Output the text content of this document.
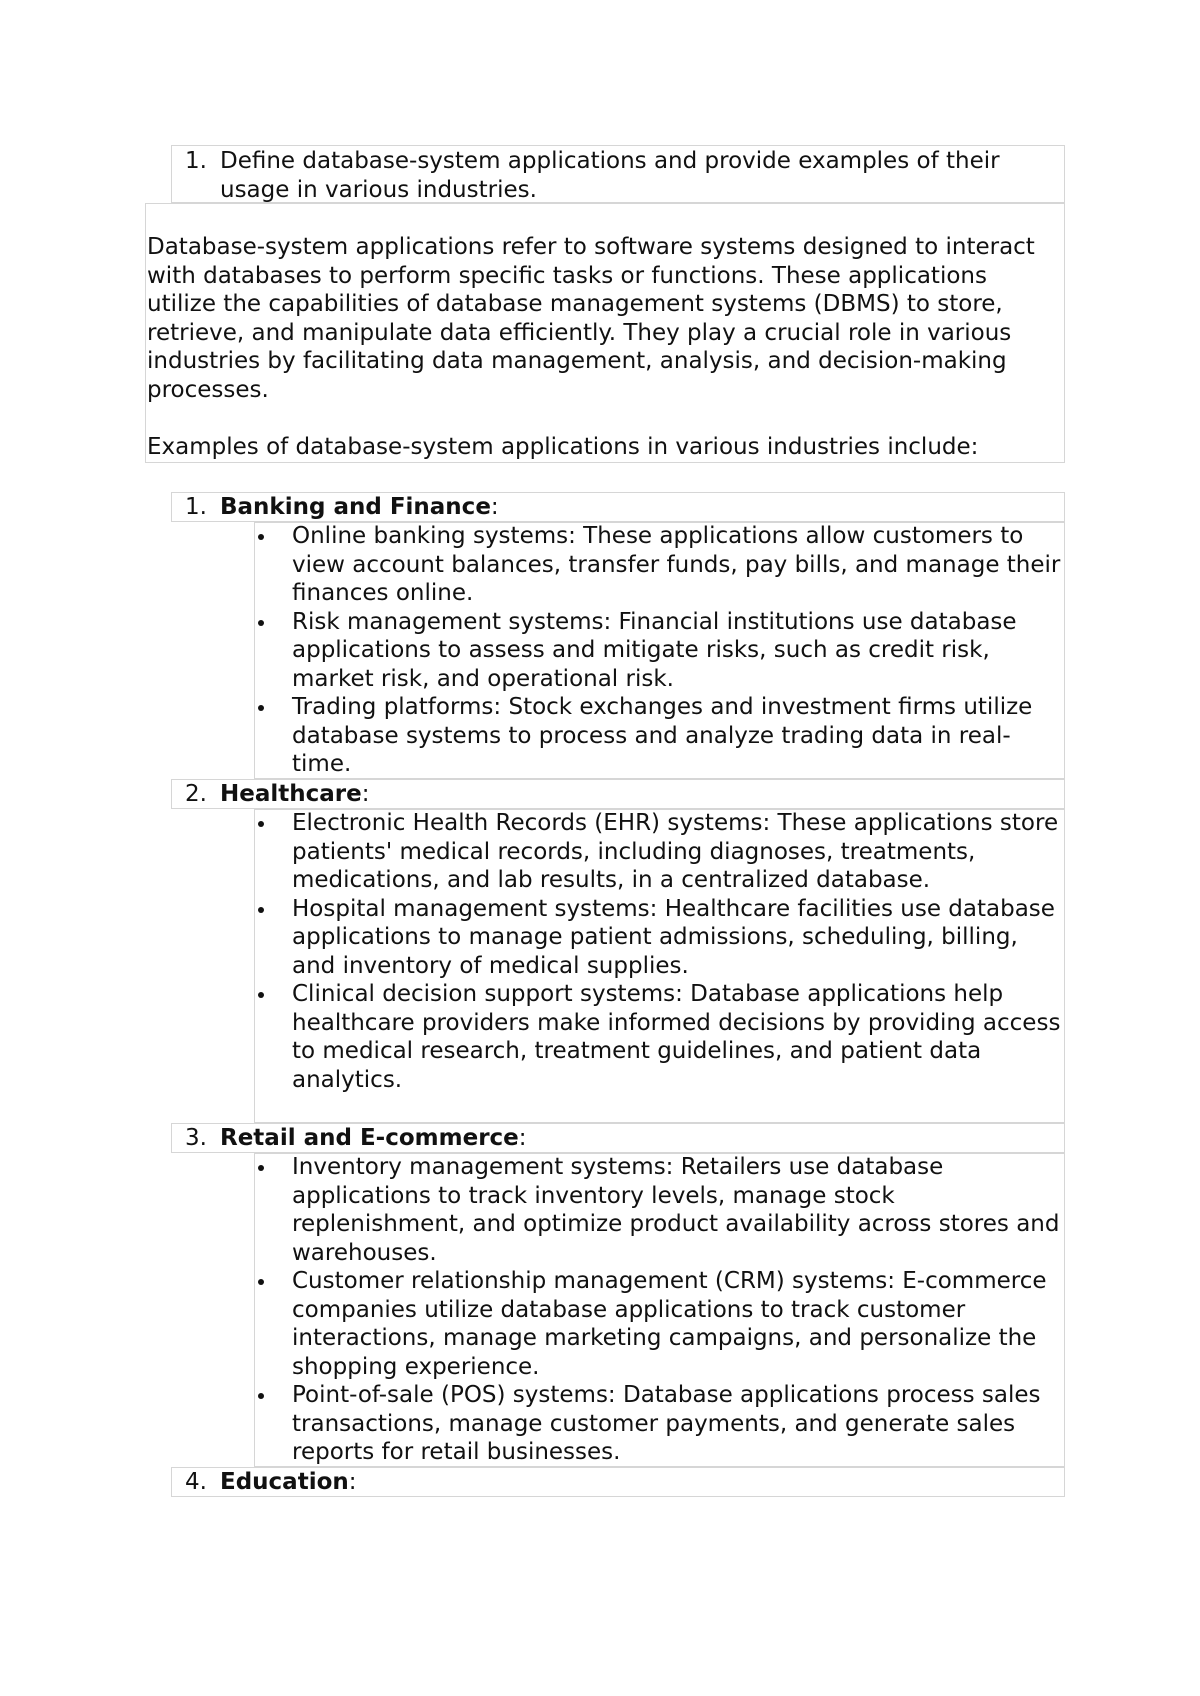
1. Define database-system applications and provide examples of their usage in various industries.

Database-system applications refer to software systems designed to interact with databases to perform specific tasks or functions. These applications utilize the capabilities of database management systems (DBMS) to store, retrieve, and manipulate data efficiently. They play a crucial role in various industries by facilitating data management, analysis, and decision-making processes.

Examples of database-system applications in various industries include:

1. Banking and Finance:
Online banking systems: These applications allow customers to view account balances, transfer funds, pay bills, and manage their finances online.
Risk management systems: Financial institutions use database applications to assess and mitigate risks, such as credit risk, market risk, and operational risk.
Trading platforms: Stock exchanges and investment firms utilize database systems to process and analyze trading data in real-time.
2. Healthcare:
Electronic Health Records (EHR) systems: These applications store patients' medical records, including diagnoses, treatments, medications, and lab results, in a centralized database.
Hospital management systems: Healthcare facilities use database applications to manage patient admissions, scheduling, billing, and inventory of medical supplies.
Clinical decision support systems: Database applications help healthcare providers make informed decisions by providing access to medical research, treatment guidelines, and patient data analytics.
3. Retail and E-commerce:
Inventory management systems: Retailers use database applications to track inventory levels, manage stock replenishment, and optimize product availability across stores and warehouses.
Customer relationship management (CRM) systems: E-commerce companies utilize database applications to track customer interactions, manage marketing campaigns, and personalize the shopping experience.
Point-of-sale (POS) systems: Database applications process sales transactions, manage customer payments, and generate sales reports for retail businesses.
4. Education:
